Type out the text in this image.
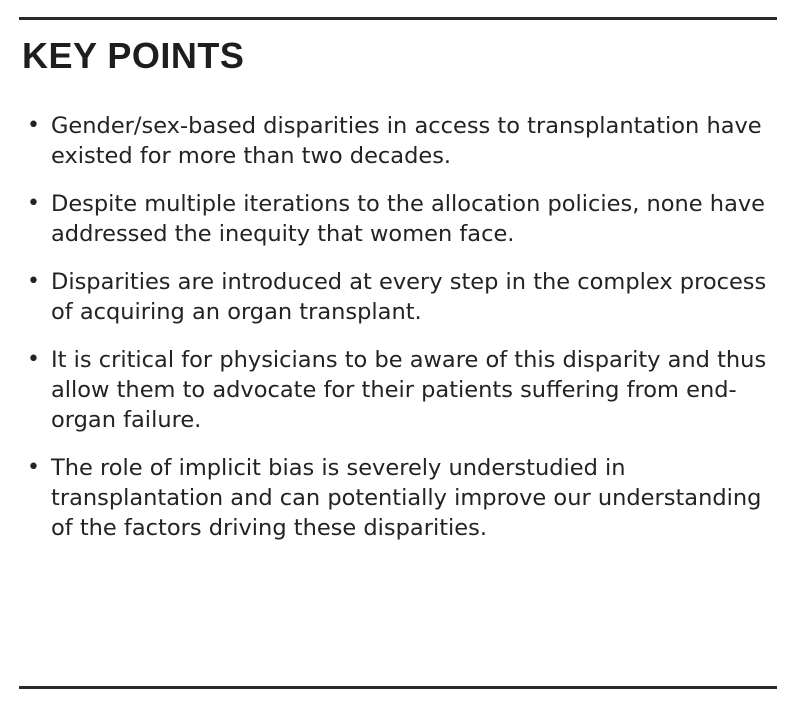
KEY POINTS
• Gender/sex-based disparities in access to transplantation have existed for more than two decades.
• Despite multiple iterations to the allocation policies, none have addressed the inequity that women face.
• Disparities are introduced at every step in the complex process of acquiring an organ transplant.
• It is critical for physicians to be aware of this disparity and thus allow them to advocate for their patients suffering from end-organ failure.
• The role of implicit bias is severely understudied in transplantation and can potentially improve our understanding of the factors driving these disparities.
